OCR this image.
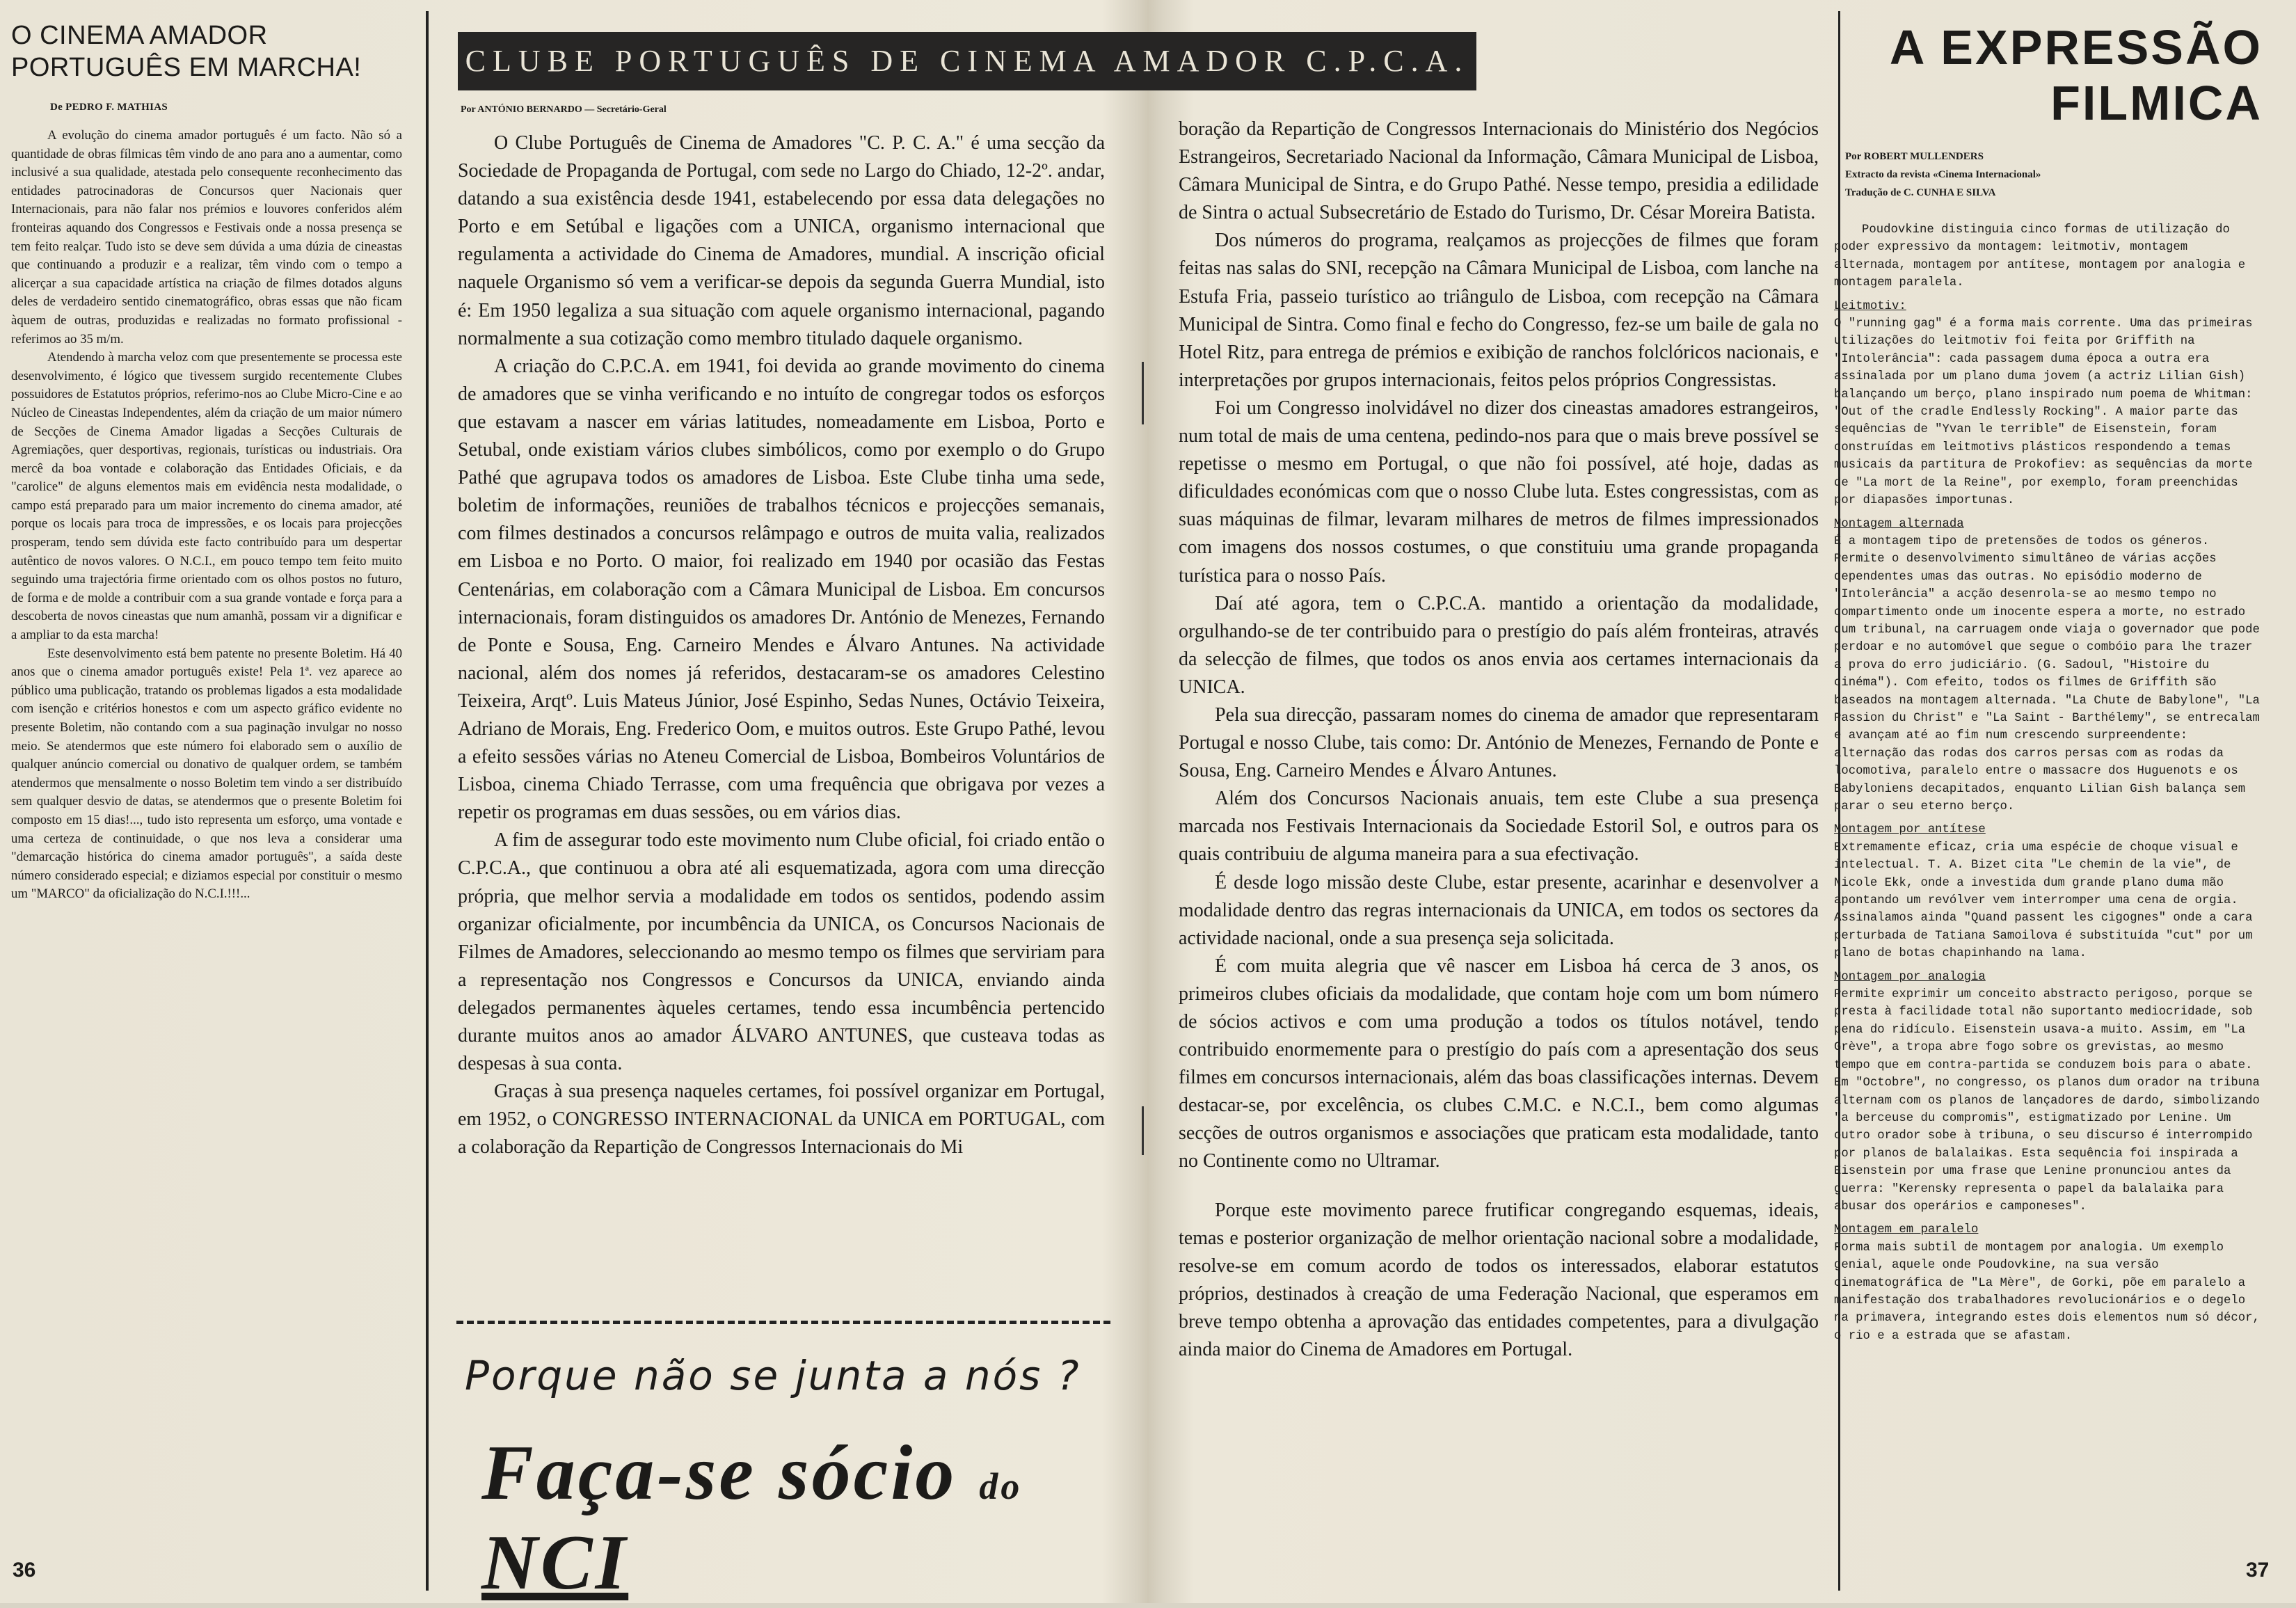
O CINEMA AMADOR PORTUGUÊS EM MARCHA!
De PEDRO F. MATHIAS

A evolução do cinema amador português é um facto. Não só a quantidade de obras fílmicas têm vindo de ano para ano a aumentar, como inclusivé a sua qualidade, atestada pelo consequente reconhecimento das entidades patrocinadoras de Concursos quer Nacionais quer Internacionais, para não falar nos prémios e louvores conferidos além fronteiras aquando dos Congressos e Festivais onde a nossa presença se tem feito realçar. Tudo isto se deve sem dúvida a uma dúzia de cineastas que continuando a produzir e a realizar, têm vindo com o tempo a alicerçar a sua capacidade artística na criação de filmes dotados alguns deles de verdadeiro sentido cinematográfico, obras essas que não ficam àquem de outras, produzidas e realizadas no formato profissional - referimos ao 35 m/m.

Atendendo à marcha veloz com que presentemente se processa este desenvolvimento, é lógico que tivessem surgido recentemente Clubes possuidores de Estatutos próprios, referimo-nos ao Clube Micro-Cine e ao Núcleo de Cineastas Independentes, além da criação de um maior número de Secções de Cinema Amador ligadas a Secções Culturais de Agremiações, quer desportivas, regionais, turísticas ou industriais. Ora mercê da boa vontade e colaboração das Entidades Oficiais, e da "carolice" de alguns elementos mais em evidência nesta modalidade, o campo está preparado para um maior incremento do cinema amador, até porque os locais para troca de impressões, e os locais para projecções prosperam, tendo sem dúvida este facto contribuído para um despertar autêntico de novos valores. O N.C.I., em pouco tempo tem feito muito seguindo uma trajectória firme orientado com os olhos postos no futuro, de forma e de molde a contribuir com a sua grande vontade e força para a descoberta de novos cineastas que num amanhã, possam vir a dignificar e a ampliar to da esta marcha!

Este desenvolvimento está bem patente no presente Boletim. Há 40 anos que o cinema amador português existe! Pela 1ª. vez aparece ao público uma publicação, tratando os problemas ligados a esta modalidade com isenção e critérios honestos e com um aspecto gráfico evidente no presente Boletim, não contando com a sua paginação invulgar no nosso meio. Se atendermos que este número foi elaborado sem o auxílio de qualquer anúncio comercial ou donativo de qualquer ordem, se também atendermos que mensalmente o nosso Boletim tem vindo a ser distribuído sem qualquer desvio de datas, se atendermos que o presente Boletim foi composto em 15 dias!..., tudo isto representa um esforço, uma vontade e uma certeza de continuidade, o que nos leva a considerar uma "demarcação histórica do cinema amador português", a saída deste número considerado especial; e diziamos especial por constituir o mesmo um "MARCO" da oficialização do N.C.I.!!!...

36
CLUBE PORTUGUÊS DE CINEMA AMADOR C.P.C.A.
Por ANTÓNIO BERNARDO — Secretário-Geral

O Clube Português de Cinema de Amadores "C. P. C. A." é uma secção da Sociedade de Propaganda de Portugal, com sede no Largo do Chiado, 12-2º. andar, datando a sua existência desde 1941, estabelecendo por essa data delegações no Porto e em Setúbal e ligações com a UNICA, organismo internacional que regulamenta a actividade do Cinema de Amadores, mundial. A inscrição oficial naquele Organismo só vem a verificar-se depois da segunda Guerra Mundial, isto é: Em 1950 legaliza a sua situação com aquele organismo internacional, pagando normalmente a sua cotização como membro titulado daquele organismo.

A criação do C.P.C.A. em 1941, foi devida ao grande movimento do cinema de amadores que se vinha verificando e no intuíto de congregar todos os esforços que estavam a nascer em várias latitudes, nomeadamente em Lisboa, Porto e Setubal, onde existiam vários clubes simbólicos, como por exemplo o do Grupo Pathé que agrupava todos os amadores de Lisboa. Este Clube tinha uma sede, boletim de informações, reuniões de trabalhos técnicos e projecções semanais, com filmes destinados a concursos relâmpago e outros de muita valia, realizados em Lisboa e no Porto. O maior, foi realizado em 1940 por ocasião das Festas Centenárias, em colaboração com a Câmara Municipal de Lisboa. Em concursos internacionais, foram distinguidos os amadores Dr. António de Menezes, Fernando de Ponte e Sousa, Eng. Carneiro Mendes e Álvaro Antunes. Na actividade nacional, além dos nomes já referidos, destacaram-se os amadores Celestino Teixeira, Arqtº. Luis Mateus Júnior, José Espinho, Sedas Nunes, Octávio Teixeira, Adriano de Morais, Eng. Frederico Oom, e muitos outros. Este Grupo Pathé, levou a efeito sessões várias no Ateneu Comercial de Lisboa, Bombeiros Voluntários de Lisboa, cinema Chiado Terrasse, com uma frequência que obrigava por vezes a repetir os programas em duas sessões, ou em vários dias.

A fim de assegurar todo este movimento num Clube oficial, foi criado então o C.P.C.A., que continuou a obra até ali esquematizada, agora com uma direcção própria, que melhor servia a modalidade em todos os sentidos, podendo assim organizar oficialmente, por incumbência da UNICA, os Concursos Nacionais de Filmes de Amadores, seleccionando ao mesmo tempo os filmes que serviriam para a representação nos Congressos e Concursos da UNICA, enviando ainda delegados permanentes àqueles certames, tendo essa incumbência pertencido durante muitos anos ao amador ÁLVARO ANTUNES, que custeava todas as despesas à sua conta.

Graças à sua presença naqueles certames, foi possível organizar em Portugal, em 1952, o CONGRESSO INTERNACIONAL da UNICA em PORTUGAL, com a colaboração da Repartição de Congressos Internacionais do Mi

boração da Repartição de Congressos Internacionais do Ministério dos Negócios Estrangeiros, Secretariado Nacional da Informação, Câmara Municipal de Lisboa, Câmara Municipal de Sintra, e do Grupo Pathé. Nesse tempo, presidia a edilidade de Sintra o actual Subsecretário de Estado do Turismo, Dr. César Moreira Batista.

Dos números do programa, realçamos as projecções de filmes que foram feitas nas salas do SNI, recepção na Câmara Municipal de Lisboa, com lanche na Estufa Fria, passeio turístico ao triângulo de Lisboa, com recepção na Câmara Municipal de Sintra. Como final e fecho do Congresso, fez-se um baile de gala no Hotel Ritz, para entrega de prémios e exibição de ranchos folclóricos nacionais, e interpretações por grupos internacionais, feitos pelos próprios Congressistas.

Foi um Congresso inolvidável no dizer dos cineastas amadores estrangeiros, num total de mais de uma centena, pedindo-nos para que o mais breve possível se repetisse o mesmo em Portugal, o que não foi possível, até hoje, dadas as dificuldades económicas com que o nosso Clube luta. Estes congressistas, com as suas máquinas de filmar, levaram milhares de metros de filmes impressionados com imagens dos nossos costumes, o que constituiu uma grande propaganda turística para o nosso País.

Daí até agora, tem o C.P.C.A. mantido a orientação da modalidade, orgulhando-se de ter contribuido para o prestígio do país além fronteiras, através da selecção de filmes, que todos os anos envia aos certames internacionais da UNICA.

Pela sua direcção, passaram nomes do cinema de amador que representaram Portugal e nosso Clube, tais como: Dr. António de Menezes, Fernando de Ponte e Sousa, Eng. Carneiro Mendes e Álvaro Antunes.

Além dos Concursos Nacionais anuais, tem este Clube a sua presença marcada nos Festivais Internacionais da Sociedade Estoril Sol, e outros para os quais contribuiu de alguma maneira para a sua efectivação.

É desde logo missão deste Clube, estar presente, acarinhar e desenvolver a modalidade dentro das regras internacionais da UNICA, em todos os sectores da actividade nacional, onde a sua presença seja solicitada.

É com muita alegria que vê nascer em Lisboa há cerca de 3 anos, os primeiros clubes oficiais da modalidade, que contam hoje com um bom número de sócios activos e com uma produção a todos os títulos notável, tendo contribuido enormemente para o prestígio do país com a apresentação dos seus filmes em concursos internacionais, além das boas classificações internas. Devem destacar-se, por excelência, os clubes C.M.C. e N.C.I., bem como algumas secções de outros organismos e associações que praticam esta modalidade, tanto no Continente como no Ultramar.

Porque este movimento parece frutificar congregando esquemas, ideais, temas e posterior organização de melhor orientação nacional sobre a modalidade, resolve-se em comum acordo de todos os interessados, elaborar estatutos próprios, destinados à creação de uma Federação Nacional, que esperamos em breve tempo obtenha a aprovação das entidades competentes, para a divulgação ainda maior do Cinema de Amadores em Portugal.

Porque não se junta a nós ?
Faça-se sócio do NCI
A EXPRESSÃO FILMICA
Por ROBERT MULLENDERS
Extracto da revista «Cinema Internacional»
Tradução de C. CUNHA E SILVA

Poudovkine distinguia cinco formas de utilização do poder expressivo da montagem: leitmotiv, montagem alternada, montagem por antítese, montagem por analogia e montagem paralela.

Leitmotiv:

O "running gag" é a forma mais corrente. Uma das primeiras utilizações do leitmotiv foi feita por Griffith na "Intolerância": cada passagem duma época a outra era assinalada por um plano duma jovem (a actriz Lilian Gish) balançando um berço, plano inspirado num poema de Whitman: "Out of the cradle Endlessly Rocking". A maior parte das sequências de "Yvan le terrible" de Eisenstein, foram construídas em leitmotivs plásticos respondendo a temas musicais da partitura de Prokofiev: as sequências da morte de "La mort de la Reine", por exemplo, foram preenchidas por diapasões importunas.

Montagem alternada

É a montagem tipo de pretensões de todos os géneros. Permite o desenvolvimento simultâneo de várias acções dependentes umas das outras. No episódio moderno de "Intolerância" a acção desenrola-se ao mesmo tempo no compartimento onde um inocente espera a morte, no estrado dum tribunal, na carruagem onde viaja o governador que pode perdoar e no automóvel que segue o combóio para lhe trazer a prova do erro judiciário. (G. Sadoul, "Histoire du cinéma"). Com efeito, todos os filmes de Griffith são baseados na montagem alternada. "La Chute de Babylone", "La Passion du Christ" e "La Saint - Barthélemy", se entrecalam e avançam até ao fim num crescendo surpreendente: alternação das rodas dos carros persas com as rodas da locomotiva, paralelo entre o massacre dos Huguenots e os Babyloniens decapitados, enquanto Lilian Gish balança sem parar o seu eterno berço.

Montagem por antítese

Extremamente eficaz, cria uma espécie de choque visual e intelectual. T. A. Bizet cita "Le chemin de la vie", de Nicole Ekk, onde a investida dum grande plano duma mão apontando um revólver vem interromper uma cena de orgia. Assinalamos ainda "Quand passent les cigognes" onde a cara perturbada de Tatiana Samoilova é substituída "cut" por um plano de botas chapinhando na lama.

Montagem por analogia

Permite exprimir um conceito abstracto perigoso, porque se presta à facilidade total não suportanto mediocridade, sob pena do ridículo. Eisenstein usava-a muito. Assim, em "La Grève", a tropa abre fogo sobre os grevistas, ao mesmo tempo que em contra-partida se conduzem bois para o abate. Em "Octobre", no congresso, os planos dum orador na tribuna alternam com os planos de lançadores de dardo, simbolizando "a berceuse du compromis", estigmatizado por Lenine. Um outro orador sobe à tribuna, o seu discurso é interrompido por planos de balalaikas. Esta sequência foi inspirada a Eisenstein por uma frase que Lenine pronunciou antes da guerra: "Kerensky representa o papel da balalaika para abusar dos operários e camponeses".

Montagem em paralelo

Forma mais subtil de montagem por analogia. Um exemplo genial, aquele onde Poudovkine, na sua versão cinematográfica de "La Mère", de Gorki, põe em paralelo a manifestação dos trabalhadores revolucionários e o degelo na primavera, integrando estes dois elementos num só décor, o rio e a estrada que se afastam.

37
